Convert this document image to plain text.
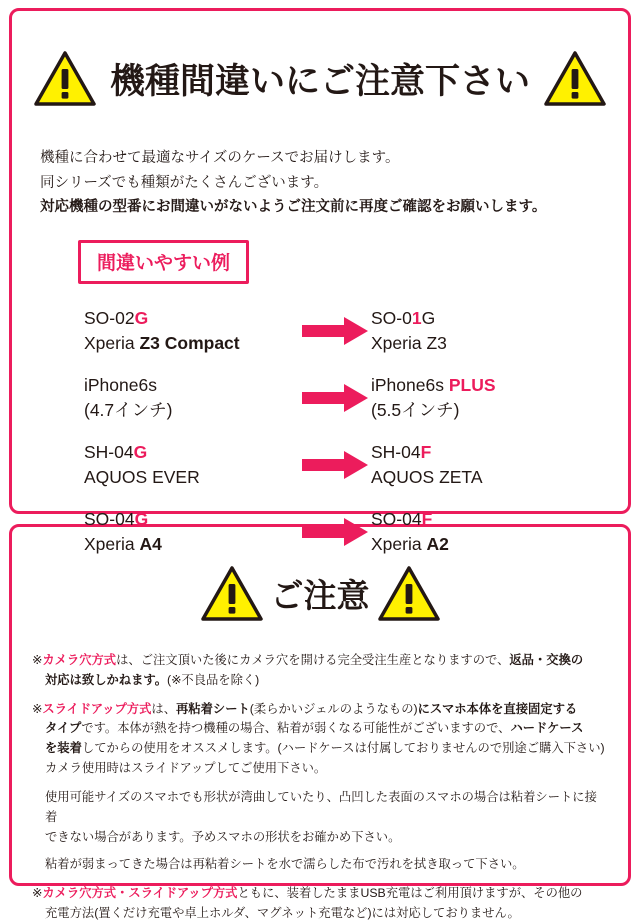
機種間違いにご注意下さい
機種に合わせて最適なサイズのケースでお届けします。
同シリーズでも種類がたくさんございます。
対応機種の型番にお間違いがないようご注文前に再度ご確認をお願いします。
間違いやすい例
SO-02G
Xperia Z3 Compact
SO-01G
Xperia Z3
iPhone6s
(4.7インチ)
iPhone6s PLUS
(5.5インチ)
SH-04G
AQUOS EVER
SH-04F
AQUOS ZETA
SO-04G
Xperia A4
SO-04F
Xperia A2
ご注意
※カメラ穴方式は、ご注文頂いた後にカメラ穴を開ける完全受注生産となりますので、返品・交換の
対応は致しかねます。(※不良品を除く)
※スライドアップ方式は、再粘着シート(柔らかいジェルのようなもの)にスマホ本体を直接固定する
タイプです。本体が熱を持つ機種の場合、粘着が弱くなる可能性がございますので、ハードケース
を装着してからの使用をオススメします。(ハードケースは付属しておりませんので別途ご購入下さい)
カメラ使用時はスライドアップしてご使用下さい。
使用可能サイズのスマホでも形状が湾曲していたり、凸凹した表面のスマホの場合は粘着シートに接着
できない場合があります。予めスマホの形状をお確かめ下さい。
粘着が弱まってきた場合は再粘着シートを水で濡らした布で汚れを拭き取って下さい。
※カメラ穴方式・スライドアップ方式ともに、装着したままUSB充電はご利用頂けますが、その他の
充電方法(置くだけ充電や卓上ホルダ、マグネット充電など)には対応しておりません。
